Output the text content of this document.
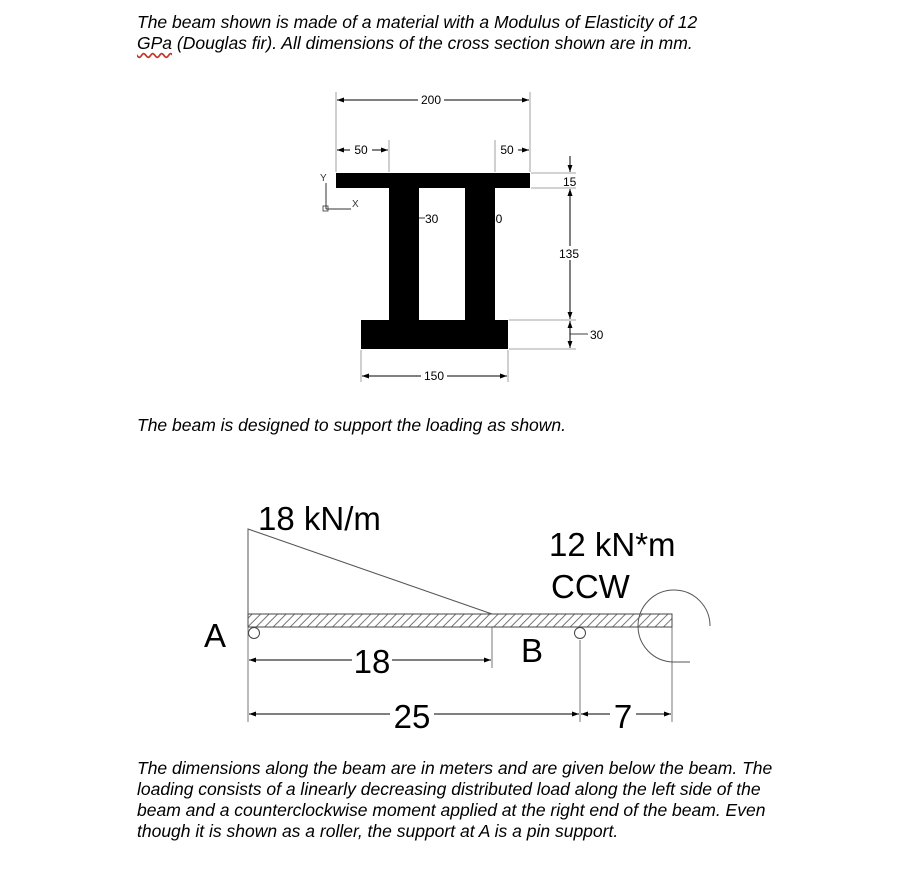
The beam shown is made of a material with a Modulus of Elasticity of 12
GPa (Douglas fir). All dimensions of the cross section shown are in mm.

Y
X
200
50	50
30	30
15
135
30
150
18 kN/m
12 kN*m
CCW
A	B
18
25	7

The beam is designed to support the loading as shown.

The dimensions along the beam are in meters and are given below the beam. The loading consists of a linearly decreasing distributed load along the left side of the beam and a counterclockwise moment applied at the right end of the beam. Even though it is shown as a roller, the support at A is a pin support.
